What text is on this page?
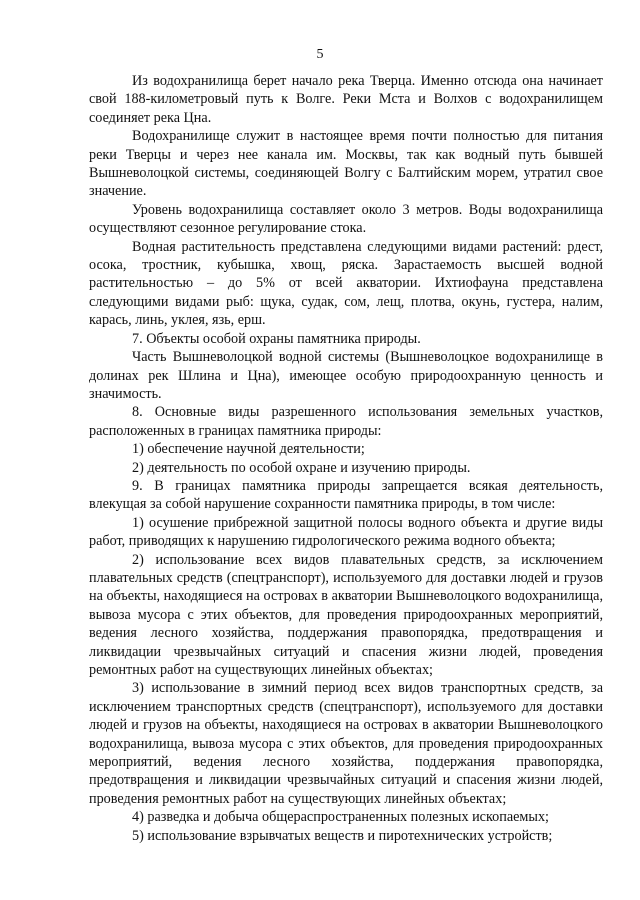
5

Из водохранилища берет начало река Тверца. Именно отсюда она начинает свой 188-километровый путь к Волге. Реки Мста и Волхов с водохранилищем соединяет река Цна.

Водохранилище служит в настоящее время почти полностью для питания реки Тверцы и через нее канала им. Москвы, так как водный путь бывшей Вышневолоцкой системы, соединяющей Волгу с Балтийским морем, утратил свое значение.

Уровень водохранилища составляет около 3 метров. Воды водохранилища осуществляют сезонное регулирование стока.

Водная растительность представлена следующими видами растений: рдест, осока, тростник, кубышка, хвощ, ряска. Зарастаемость высшей водной растительностью – до 5% от всей акватории. Ихтиофауна представлена следующими видами рыб: щука, судак, сом, лещ, плотва, окунь, густера, налим, карась, линь, уклея, язь, ерш.

7. Объекты особой охраны памятника природы.

Часть Вышневолоцкой водной системы (Вышневолоцкое водохранилище в долинах рек Шлина и Цна), имеющее особую природоохранную ценность и значимость.

8. Основные виды разрешенного использования земельных участков, расположенных в границах памятника природы:

1) обеспечение научной деятельности;

2) деятельность по особой охране и изучению природы.

9. В границах памятника природы запрещается всякая деятельность, влекущая за собой нарушение сохранности памятника природы, в том числе:

1) осушение прибрежной защитной полосы водного объекта и другие виды работ, приводящих к нарушению гидрологического режима водного объекта;

2) использование всех видов плавательных средств, за исключением плавательных средств (спецтранспорт), используемого для доставки людей и грузов на объекты, находящиеся на островах в акватории Вышневолоцкого водохранилища, вывоза мусора с этих объектов, для проведения природоохранных мероприятий, ведения лесного хозяйства, поддержания правопорядка, предотвращения и ликвидации чрезвычайных ситуаций и спасения жизни людей, проведения ремонтных работ на существующих линейных объектах;

3) использование в зимний период всех видов транспортных средств, за исключением транспортных средств (спецтранспорт), используемого для доставки людей и грузов на объекты, находящиеся на островах в акватории Вышневолоцкого водохранилища, вывоза мусора с этих объектов, для проведения природоохранных мероприятий, ведения лесного хозяйства, поддержания правопорядка, предотвращения и ликвидации чрезвычайных ситуаций и спасения жизни людей, проведения ремонтных работ на существующих линейных объектах;

4) разведка и добыча общераспространенных полезных ископаемых;

5) использование взрывчатых веществ и пиротехнических устройств;
